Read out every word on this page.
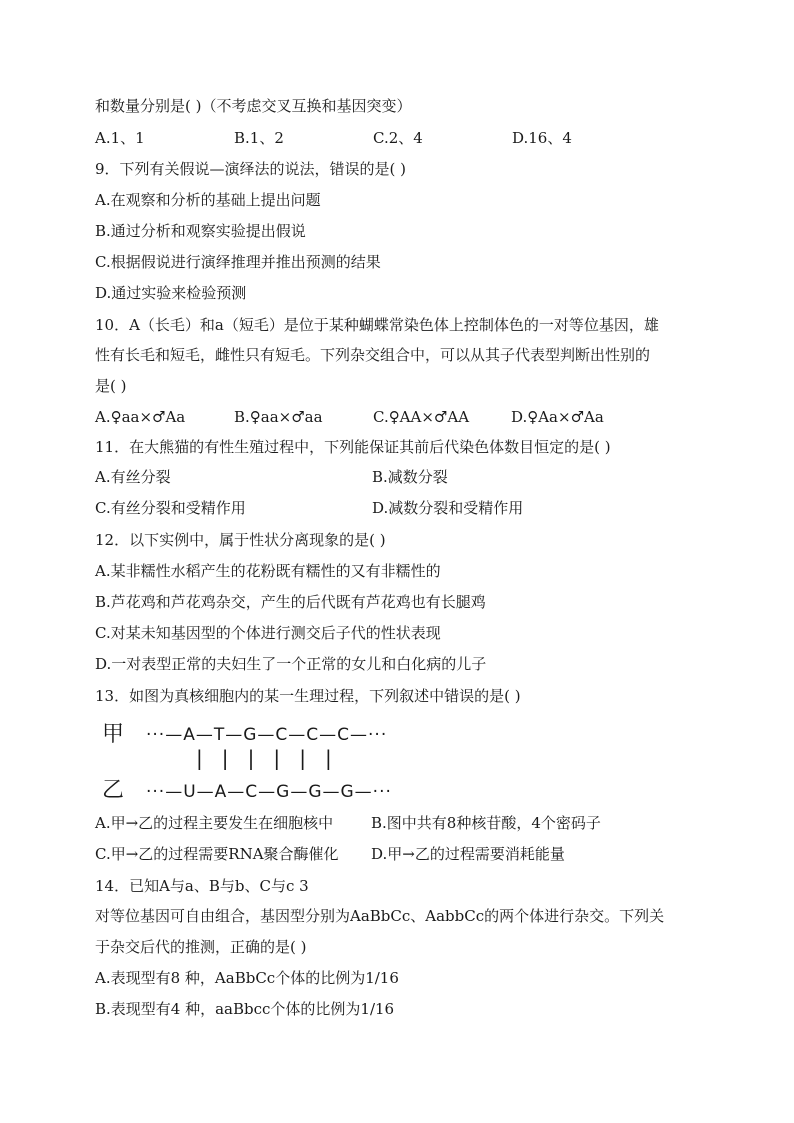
和数量分别是( )（不考虑交叉互换和基因突变）
A.1、1	B.1、2	C.2、4	D.16、4
9．下列有关假说—演绎法的说法，错误的是( )
A.在观察和分析的基础上提出问题
B.通过分析和观察实验提出假说
C.根据假说进行演绎推理并推出预测的结果
D.通过实验来检验预测
10．A（长毛）和a（短毛）是位于某种蝴蝶常染色体上控制体色的一对等位基因，雄
性有长毛和短毛，雌性只有短毛。下列杂交组合中，可以从其子代表型判断出性别的
是( )
A.♀aa×♂Aa	B.♀aa×♂aa	C.♀AA×♂AA	D.♀Aa×♂Aa
11．在大熊猫的有性生殖过程中，下列能保证其前后代染色体数目恒定的是( )
A.有丝分裂	B.减数分裂
C.有丝分裂和受精作用	D.减数分裂和受精作用
12．以下实例中，属于性状分离现象的是( )
A.某非糯性水稻产生的花粉既有糯性的又有非糯性的
B.芦花鸡和芦花鸡杂交，产生的后代既有芦花鸡也有长腿鸡
C.对某未知基因型的个体进行测交后子代的性状表现
D.一对表型正常的夫妇生了一个正常的女儿和白化病的儿子
13．如图为真核细胞内的某一生理过程，下列叙述中错误的是( )
甲 ···—A—T—G—C—C—C—···
|   |   |   |   |   |
乙 ···—U—A—C—G—G—G—···
A.甲→乙的过程主要发生在细胞核中	B.图中共有8种核苷酸，4个密码子
C.甲→乙的过程需要RNA聚合酶催化 D.甲→乙的过程需要消耗能量
14．已知A与a、B与b、C与c 3
对等位基因可自由组合，基因型分别为AaBbCc、AabbCc的两个体进行杂交。下列关
于杂交后代的推测，正确的是( )
A.表现型有8 种，AaBbCc个体的比例为1/16
B.表现型有4 种，aaBbcc个体的比例为1/16
